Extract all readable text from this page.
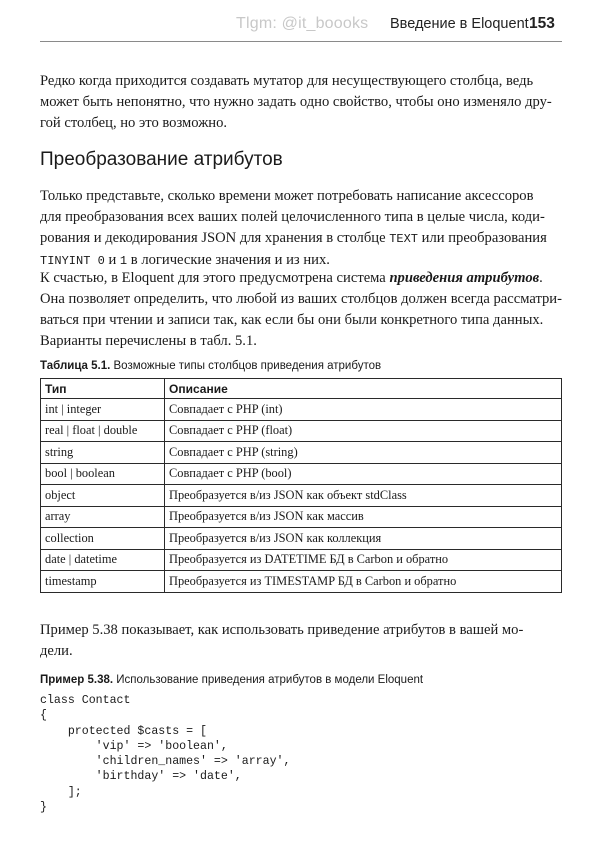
Tlgm: @it_boooks Введение в Eloquent 153
Редко когда приходится создавать мутатор для несуществующего столбца, ведь
может быть непонятно, что нужно задать одно свойство, чтобы оно изменяло дру-
гой столбец, но это возможно.
Преобразование атрибутов
Только представьте, сколько времени может потребовать написание аксессоров
для преобразования всех ваших полей целочисленного типа в целые числа, коди-
рования и декодирования JSON для хранения в столбце TEXT или преобразования
TINYINT 0 и 1 в логические значения и из них.
К счастью, в Eloquent для этого предусмотрена система приведения атрибутов.
Она позволяет определить, что любой из ваших столбцов должен всегда рассматри-
ваться при чтении и записи так, как если бы они были конкретного типа данных.
Варианты перечислены в табл. 5.1.
Таблица 5.1. Возможные типы столбцов приведения атрибутов
Тип	Описание
int | integer	Совпадает с PHP (int)
real | float | double	Совпадает с PHP (float)
string	Совпадает с PHP (string)
bool | boolean	Совпадает с PHP (bool)
object	Преобразуется в/из JSON как объект stdClass
array	Преобразуется в/из JSON как массив
collection	Преобразуется в/из JSON как коллекция
date | datetime	Преобразуется из DATETIME БД в Carbon и обратно
timestamp	Преобразуется из TIMESTAMP БД в Carbon и обратно
Пример 5.38 показывает, как использовать приведение атрибутов в вашей мо-
дели.
Пример 5.38. Использование приведения атрибутов в модели Eloquent
class Contact
{
protected $casts = [
'vip' => 'boolean',
'children_names' => 'array',
'birthday' => 'date',
];
}
